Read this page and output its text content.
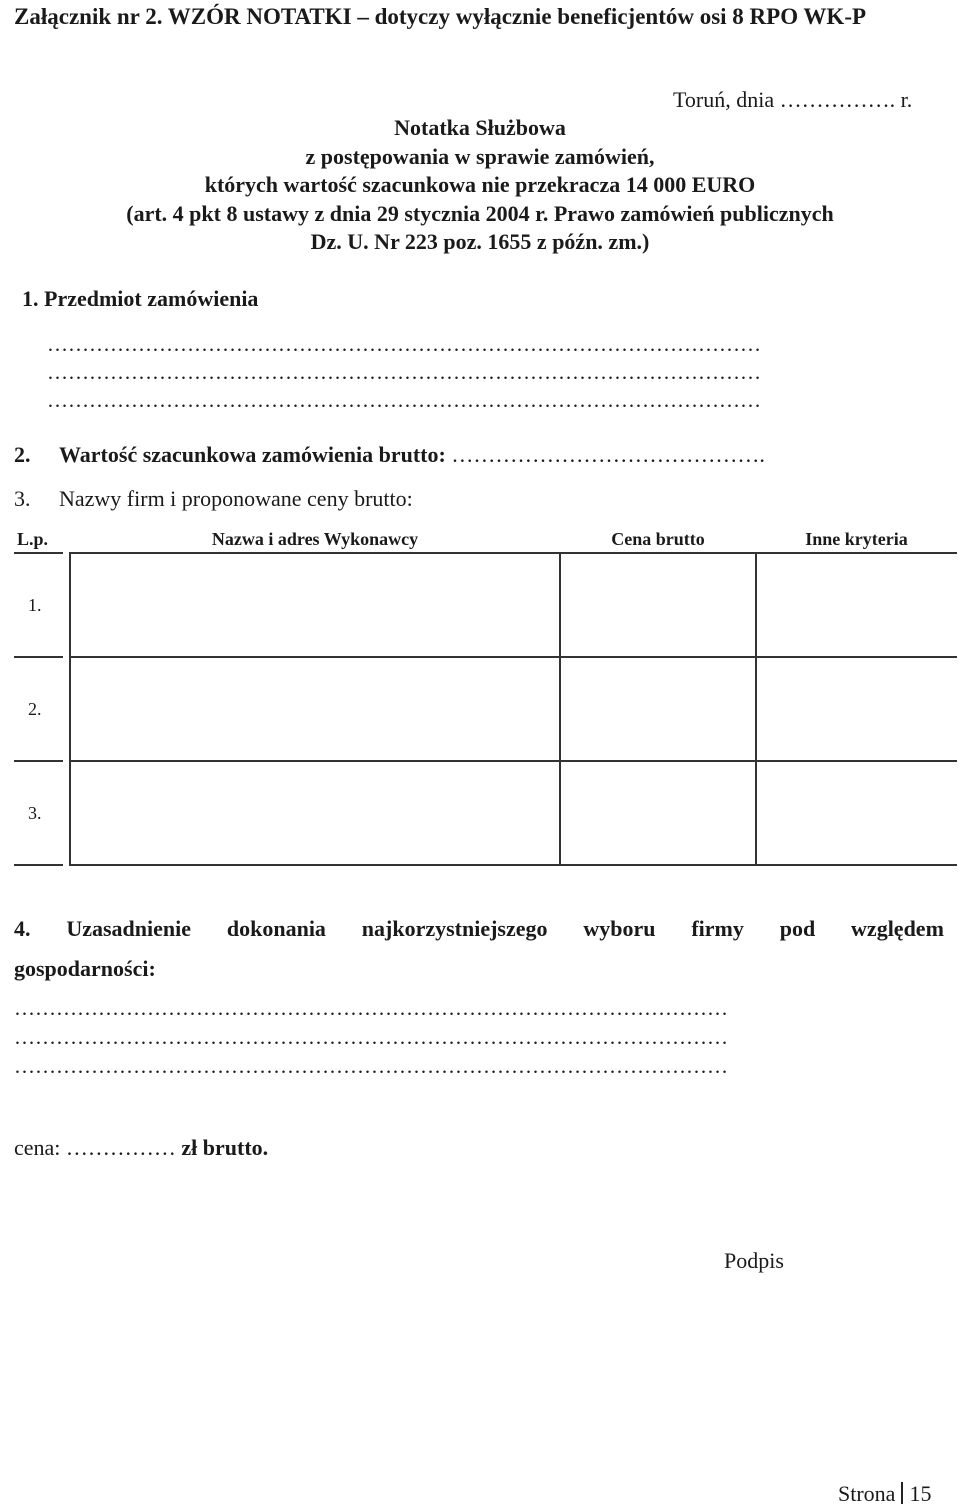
Załącznik nr 2. WZÓR NOTATKI – dotyczy wyłącznie beneficjentów osi 8 RPO WK-P
Toruń, dnia ……………. r.
Notatka Służbowa
z postępowania w sprawie zamówień,
których wartość szacunkowa nie przekracza 14 000 EURO
(art. 4 pkt 8 ustawy z dnia 29 stycznia 2004 r. Prawo zamówień publicznych
Dz. U. Nr 223 poz. 1655 z późn. zm.)
1. Przedmiot zamówienia
…………………………………………………………………………………………
…………………………………………………………………………………………
…………………………………………………………………………………………
2. Wartość szacunkowa zamówienia brutto: …………………………………….
3. Nazwy firm i proponowane ceny brutto:
L.p.		Nazwa i adres Wykonawcy	Cena brutto	Inne kryteria
1.				
2.				
3.				
4. Uzasadnienie dokonania najkorzystniejszego wyboru firmy pod względem
gospodarności:
…………………………………………………………………………………………
…………………………………………………………………………………………
…………………………………………………………………………………………
cena: …………… zł brutto.
Podpis
Strona 15
